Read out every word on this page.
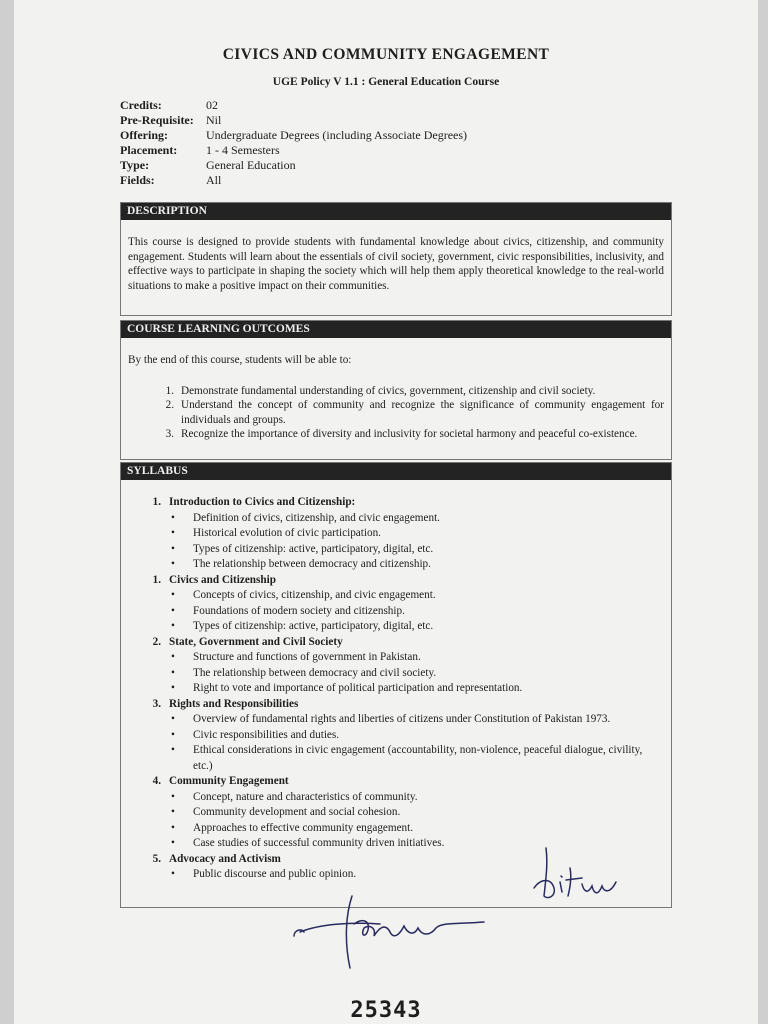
CIVICS AND COMMUNITY ENGAGEMENT
UGE Policy V 1.1 : General Education Course
Credits:	02
Pre-Requisite:	Nil
Offering:	Undergraduate Degrees (including Associate Degrees)
Placement:	1 - 4 Semesters
Type:	General Education
Fields:	All
DESCRIPTION

This course is designed to provide students with fundamental knowledge about civics, citizenship, and community engagement. Students will learn about the essentials of civil society, government, civic responsibilities, inclusivity, and effective ways to participate in shaping the society which will help them apply theoretical knowledge to the real-world situations to make a positive impact on their communities.

COURSE LEARNING OUTCOMES

By the end of this course, students will be able to:

1. Demonstrate fundamental understanding of civics, government, citizenship and civil society.
2. Understand the concept of community and recognize the significance of community engagement for individuals and groups.
3. Recognize the importance of diversity and inclusivity for societal harmony and peaceful co-existence.
SYLLABUS
1. Introduction to Civics and Citizenship:
•	Definition of civics, citizenship, and civic engagement.
•	Historical evolution of civic participation.
•	Types of citizenship: active, participatory, digital, etc.
•	The relationship between democracy and citizenship.
1. Civics and Citizenship
•	Concepts of civics, citizenship, and civic engagement.
•	Foundations of modern society and citizenship.
•	Types of citizenship: active, participatory, digital, etc.
2. State, Government and Civil Society
•	Structure and functions of government in Pakistan.
•	The relationship between democracy and civil society.
•	Right to vote and importance of political participation and representation.
3. Rights and Responsibilities
•	Overview of fundamental rights and liberties of citizens under Constitution of Pakistan 1973.
•	Civic responsibilities and duties.
•	Ethical considerations in civic engagement (accountability, non-violence, peaceful dialogue, civility, etc.)
4. Community Engagement
•	Concept, nature and characteristics of community.
•	Community development and social cohesion.
•	Approaches to effective community engagement.
•	Case studies of successful community driven initiatives.
5. Advocacy and Activism
•	Public discourse and public opinion.
25343
